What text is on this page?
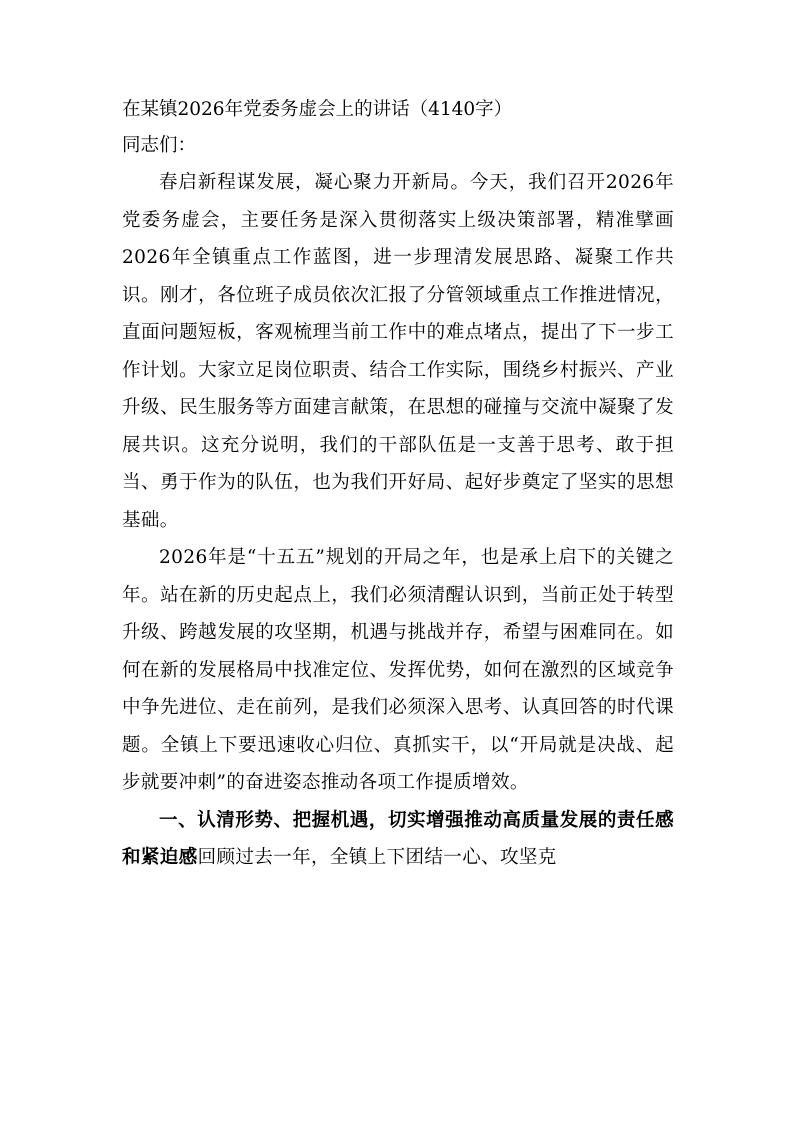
在某镇2026年党委务虚会上的讲话（4140字）

同志们：

春启新程谋发展，凝心聚力开新局。今天，我们召开2026年党委务虚会，主要任务是深入贯彻落实上级决策部署，精准擘画2026年全镇重点工作蓝图，进一步理清发展思路、凝聚工作共识。刚才，各位班子成员依次汇报了分管领域重点工作推进情况，直面问题短板，客观梳理当前工作中的难点堵点，提出了下一步工作计划。大家立足岗位职责、结合工作实际，围绕乡村振兴、产业升级、民生服务等方面建言献策，在思想的碰撞与交流中凝聚了发展共识。这充分说明，我们的干部队伍是一支善于思考、敢于担当、勇于作为的队伍，也为我们开好局、起好步奠定了坚实的思想基础。

2026年是“十五五”规划的开局之年，也是承上启下的关键之年。站在新的历史起点上，我们必须清醒认识到，当前正处于转型升级、跨越发展的攻坚期，机遇与挑战并存，希望与困难同在。如何在新的发展格局中找准定位、发挥优势，如何在激烈的区域竞争中争先进位、走在前列，是我们必须深入思考、认真回答的时代课题。全镇上下要迅速收心归位、真抓实干，以“开局就是决战、起步就要冲刺”的奋进姿态推动各项工作提质增效。

一、认清形势、把握机遇，切实增强推动高质量发展的责任感和紧迫感回顾过去一年，全镇上下团结一心、攻坚克
